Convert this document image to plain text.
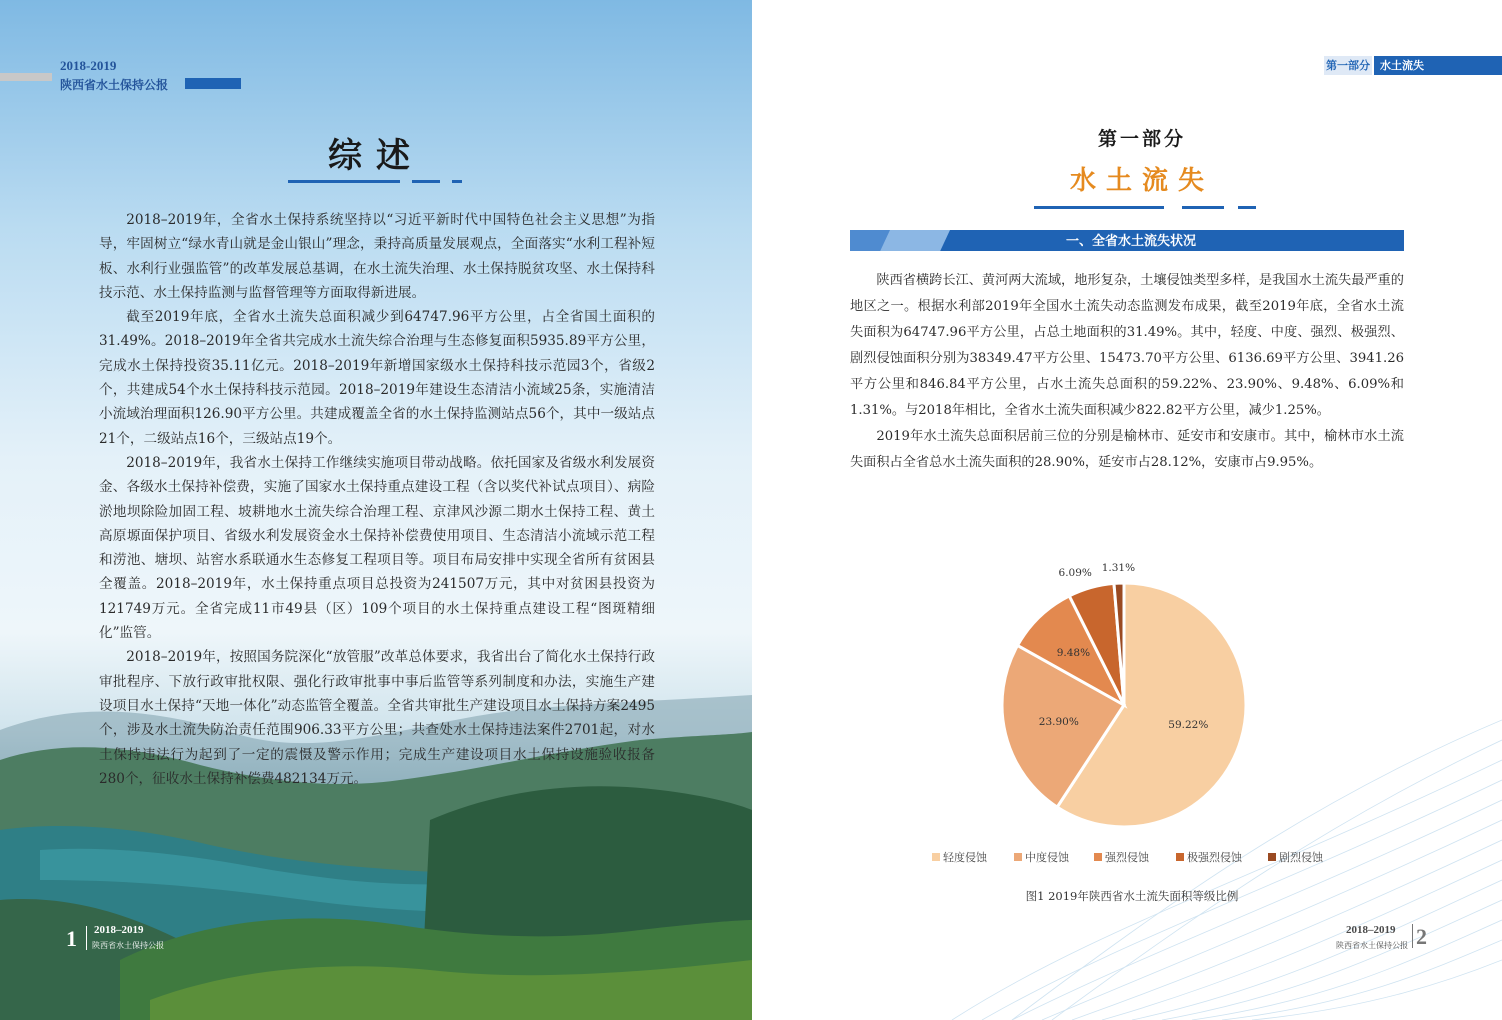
2018-2019
陕西省水土保持公报
综述

2018–2019年，全省水土保持系统坚持以“习近平新时代中国特色社会主义思想”为指导，牢固树立“绿水青山就是金山银山”理念，秉持高质量发展观点，全面落实“水利工程补短板、水利行业强监管”的改革发展总基调，在水土流失治理、水土保持脱贫攻坚、水土保持科技示范、水土保持监测与监督管理等方面取得新进展。

截至2019年底，全省水土流失总面积减少到64747.96平方公里，占全省国土面积的31.49%。2018–2019年全省共完成水土流失综合治理与生态修复面积5935.89平方公里，完成水土保持投资35.11亿元。2018–2019年新增国家级水土保持科技示范园3个，省级2个，共建成54个水土保持科技示范园。2018–2019年建设生态清洁小流域25条，实施清洁小流域治理面积126.90平方公里。共建成覆盖全省的水土保持监测站点56个，其中一级站点21个，二级站点16个，三级站点19个。

2018–2019年，我省水土保持工作继续实施项目带动战略。依托国家及省级水利发展资金、各级水土保持补偿费，实施了国家水土保持重点建设工程（含以奖代补试点项目）、病险淤地坝除险加固工程、坡耕地水土流失综合治理工程、京津风沙源二期水土保持工程、黄土高原塬面保护项目、省级水利发展资金水土保持补偿费使用项目、生态清洁小流域示范工程和涝池、塘坝、站窖水系联通水生态修复工程项目等。项目布局安排中实现全省所有贫困县全覆盖。2018–2019年，水土保持重点项目总投资为241507万元，其中对贫困县投资为121749万元。全省完成11市49县（区）109个项目的水土保持重点建设工程“图斑精细化”监管。

2018–2019年，按照国务院深化“放管服”改革总体要求，我省出台了简化水土保持行政审批程序、下放行政审批权限、强化行政审批事中事后监管等系列制度和办法，实施生产建设项目水土保持“天地一体化”动态监管全覆盖。全省共审批生产建设项目水土保持方案2495个，涉及水土流失防治责任范围906.33平方公里；共查处水土保持违法案件2701起，对水土保持违法行为起到了一定的震慑及警示作用；完成生产建设项目水土保持设施验收报备280个，征收水土保持补偿费482134万元。

1 2018–2019
陕西省水土保持公报
第一部分 水土流失
第一部分
水土流失
一、全省水土流失状况

陕西省横跨长江、黄河两大流域，地形复杂，土壤侵蚀类型多样，是我国水土流失最严重的地区之一。根据水利部2019年全国水土流失动态监测发布成果，截至2019年底，全省水土流失面积为64747.96平方公里，占总土地面积的31.49%。其中，轻度、中度、强烈、极强烈、剧烈侵蚀面积分别为38349.47平方公里、15473.70平方公里、6136.69平方公里、3941.26平方公里和846.84平方公里，占水土流失总面积的59.22%、23.90%、9.48%、6.09%和1.31%。与2018年相比，全省水土流失面积减少822.82平方公里，减少1.25%。

2019年水土流失总面积居前三位的分别是榆林市、延安市和安康市。其中，榆林市水土流失面积占全省总水土流失面积的28.90%，延安市占28.12%，安康市占9.95%。

59.22%
23.90%
9.48%
6.09% 1.31%
轻度侵蚀	中度侵蚀	强烈侵蚀	极强烈侵蚀	剧烈侵蚀
图1 2019年陕西省水土流失面积等级比例
2018–2019
陕西省水土保持公报 2
